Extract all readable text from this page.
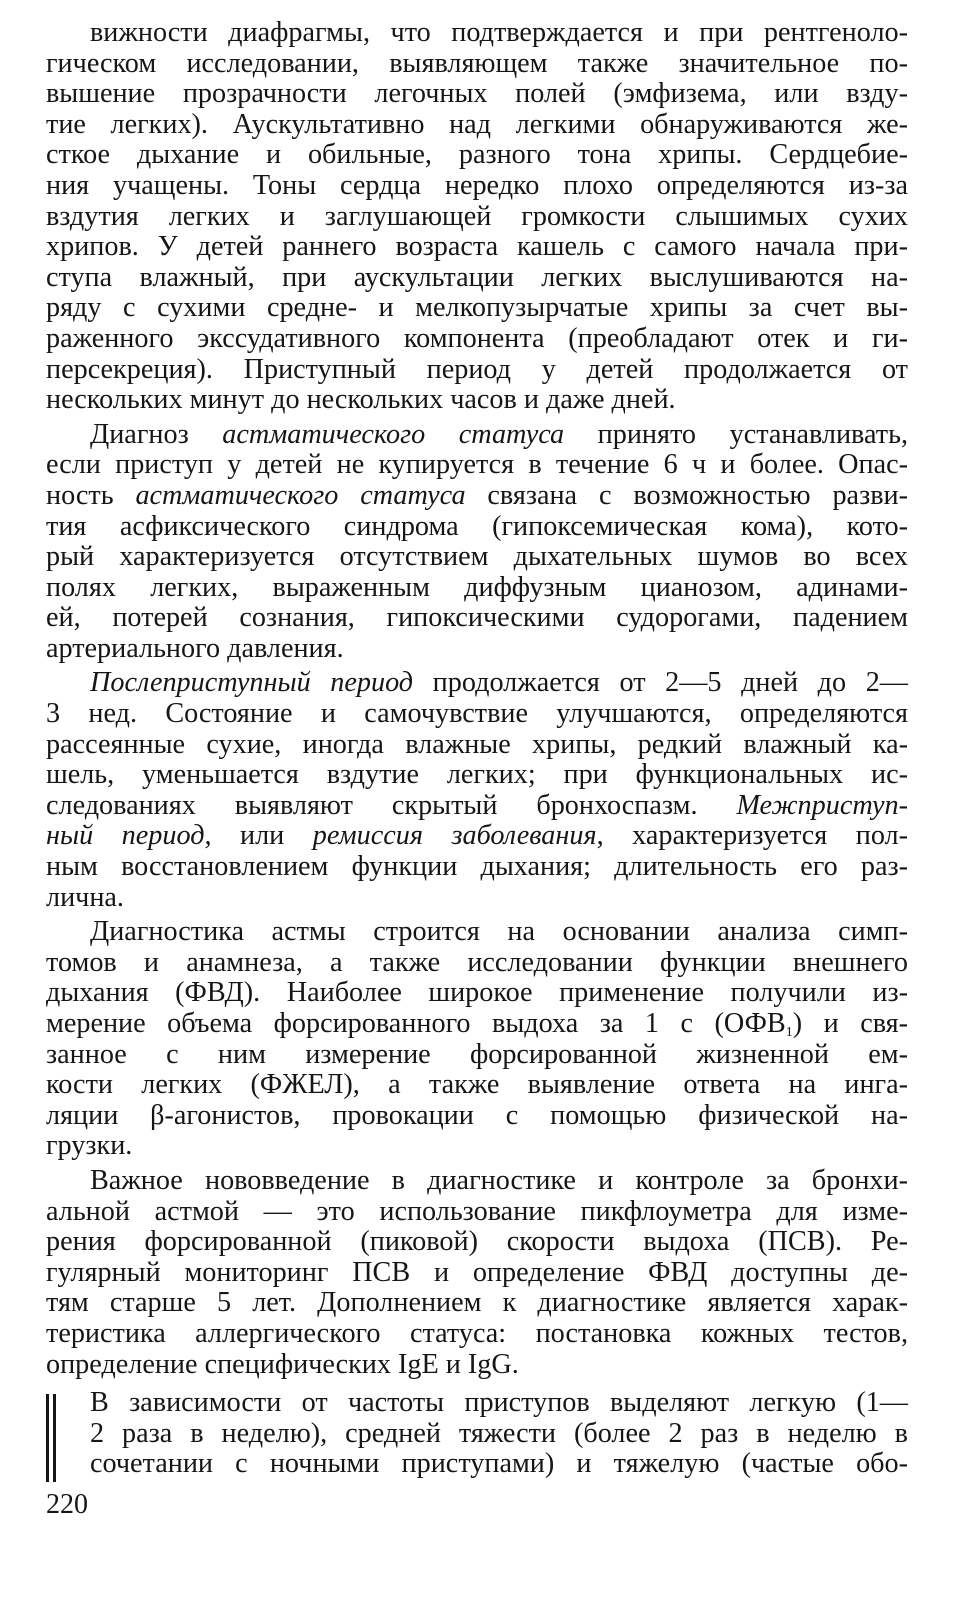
вижности диафрагмы, что подтверждается и при рентгеноло-
гическом исследовании, выявляющем также значительное по-
вышение прозрачности легочных полей (эмфизема, или взду-
тие легких). Аускультативно над легкими обнаруживаются же-
сткое дыхание и обильные, разного тона хрипы. Сердцебие-
ния учащены. Тоны сердца нередко плохо определяются из-за
вздутия легких и заглушающей громкости слышимых сухих
хрипов. У детей раннего возраста кашель с самого начала при-
ступа влажный, при аускультации легких выслушиваются на-
ряду с сухими средне- и мелкопузырчатые хрипы за счет вы-
раженного экссудативного компонента (преобладают отек и ги-
персекреция). Приступный период у детей продолжается от
нескольких минут до нескольких часов и даже дней.
Диагноз астматического статуса принято устанавливать,
если приступ у детей не купируется в течение 6 ч и более. Опас-
ность астматического статуса связана с возможностью разви-
тия асфиксического синдрома (гипоксемическая кома), кото-
рый характеризуется отсутствием дыхательных шумов во всех
полях легких, выраженным диффузным цианозом, адинами-
ей, потерей сознания, гипоксическими судорогами, падением
артериального давления.
Послеприступный период продолжается от 2—5 дней до 2—
3 нед. Состояние и самочувствие улучшаются, определяются
рассеянные сухие, иногда влажные хрипы, редкий влажный ка-
шель, уменьшается вздутие легких; при функциональных ис-
следованиях выявляют скрытый бронхоспазм. Межприступ-
ный период, или ремиссия заболевания, характеризуется пол-
ным восстановлением функции дыхания; длительность его раз-
лична.
Диагностика астмы строится на основании анализа симп-
томов и анамнеза, а также исследовании функции внешнего
дыхания (ФВД). Наиболее широкое применение получили из-
мерение объема форсированного выдоха за 1 с $(ОФВ_1)$ и свя-
занное с ним измерение форсированной жизненной ем-
кости легких (ФЖЕЛ), а также выявление ответа на инга-
ляции β-агонистов, провокации с помощью физической на-
грузки.
Важное нововведение в диагностике и контроле за бронхи-
альной астмой — это использование пикфлоуметра для изме-
рения форсированной (пиковой) скорости выдоха (ПСВ). Ре-
гулярный мониторинг ПСВ и определение ФВД доступны де-
тям старше 5 лет. Дополнением к диагностике является харак-
теристика аллергического статуса: постановка кожных тестов,
определение специфических IgE и IgG.
В зависимости от частоты приступов выделяют легкую (1—
2 раза в неделю), средней тяжести (более 2 раз в неделю в
сочетании с ночными приступами) и тяжелую (частые обо-
220
